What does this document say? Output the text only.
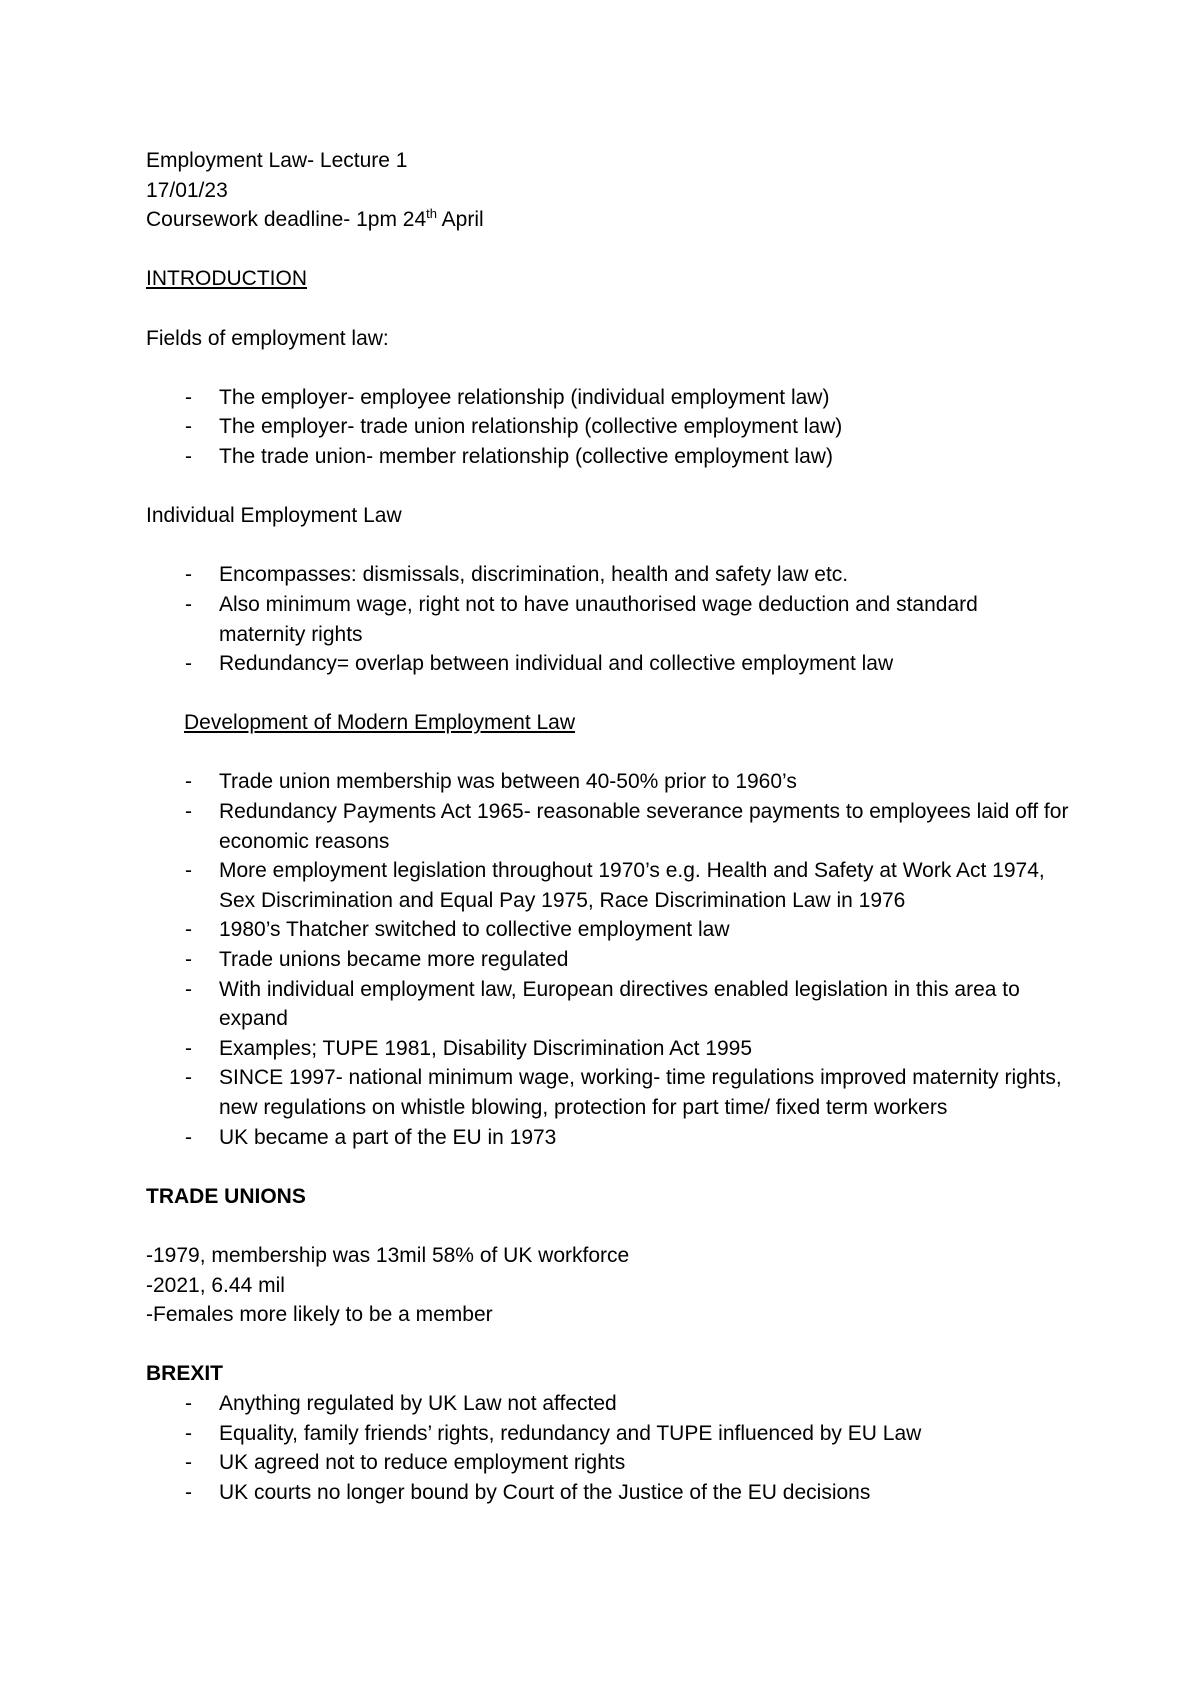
Employment Law- Lecture 1
17/01/23
Coursework deadline- 1pm 24th April
INTRODUCTION
Fields of employment law:
- The employer- employee relationship (individual employment law)
- The employer- trade union relationship (collective employment law)
- The trade union- member relationship (collective employment law)
Individual Employment Law
- Encompasses: dismissals, discrimination, health and safety law etc.
- Also minimum wage, right not to have unauthorised wage deduction and standard maternity rights
- Redundancy= overlap between individual and collective employment law
Development of Modern Employment Law
- Trade union membership was between 40-50% prior to 1960’s
- Redundancy Payments Act 1965- reasonable severance payments to employees laid off for economic reasons
- More employment legislation throughout 1970’s e.g. Health and Safety at Work Act 1974, Sex Discrimination and Equal Pay 1975, Race Discrimination Law in 1976
- 1980’s Thatcher switched to collective employment law
- Trade unions became more regulated
- With individual employment law, European directives enabled legislation in this area to expand
- Examples; TUPE 1981, Disability Discrimination Act 1995
- SINCE 1997- national minimum wage, working- time regulations improved maternity rights, new regulations on whistle blowing, protection for part time/ fixed term workers
- UK became a part of the EU in 1973
TRADE UNIONS
-1979, membership was 13mil 58% of UK workforce
-2021, 6.44 mil
-Females more likely to be a member
BREXIT
- Anything regulated by UK Law not affected
- Equality, family friends’ rights, redundancy and TUPE influenced by EU Law
- UK agreed not to reduce employment rights
- UK courts no longer bound by Court of the Justice of the EU decisions
